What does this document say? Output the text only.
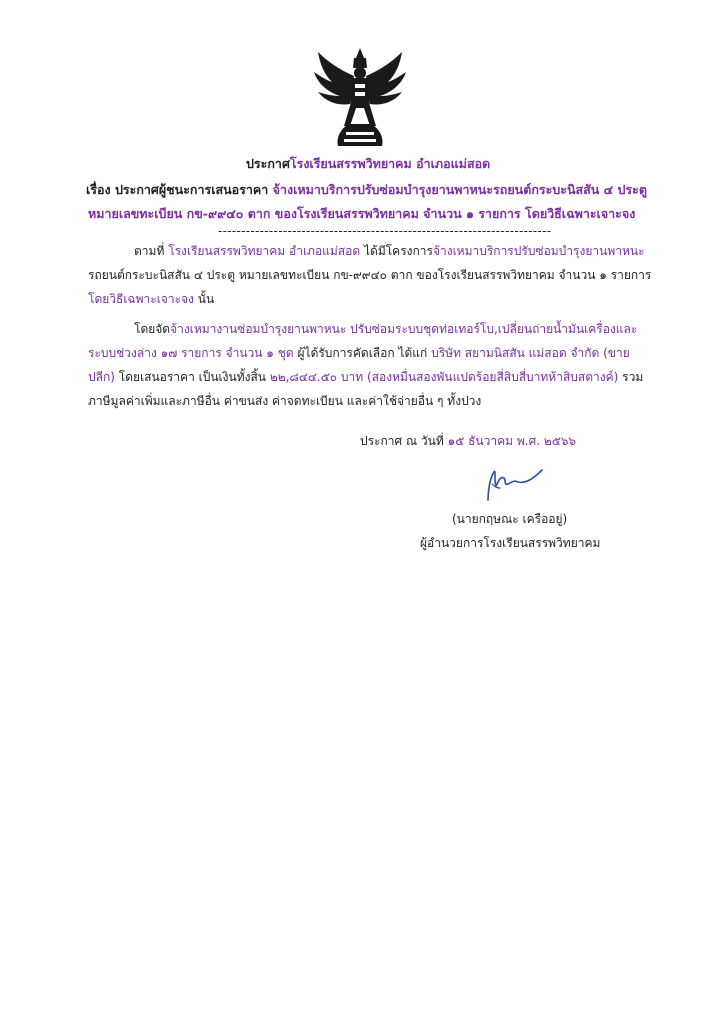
ประกาศโรงเรียนสรรพวิทยาคม อำเภอแม่สอด
เรื่อง ประกาศผู้ชนะการเสนอราคา จ้างเหมาบริการปรับซ่อมบำรุงยานพาหนะรถยนต์กระบะนิสสัน ๔ ประตู
หมายเลขทะเบียน กข-๙๙๔๐ ตาก ของโรงเรียนสรรพวิทยาคม จำนวน ๑ รายการ โดยวิธีเฉพาะเจาะจง
------------------------------------------------------------------------
ตามที่ โรงเรียนสรรพวิทยาคม อำเภอแม่สอด ได้มีโครงการจ้างเหมาบริการปรับซ่อมบำรุงยานพาหนะ
รถยนต์กระบะนิสสัน ๔ ประตู หมายเลขทะเบียน กข-๙๙๔๐ ตาก ของโรงเรียนสรรพวิทยาคม จำนวน ๑ รายการ
โดยวิธีเฉพาะเจาะจง นั้น
โดยจัดจ้างเหมางานซ่อมบำรุงยานพาหนะ ปรับซ่อมระบบชุดท่อเทอร์โบ,เปลี่ยนถ่ายน้ำมันเครื่องและ
ระบบช่วงล่าง ๑๗ รายการ จำนวน ๑ ชุด ผู้ได้รับการคัดเลือก ได้แก่ บริษัท สยามนิสสัน แม่สอด จำกัด (ขาย
ปลีก) โดยเสนอราคา เป็นเงินทั้งสิ้น ๒๒,๘๔๔.๕๐ บาท (สองหมื่นสองพันแปดร้อยสี่สิบสี่บาทห้าสิบสตางค์) รวม
ภาษีมูลค่าเพิ่มและภาษีอื่น ค่าขนส่ง ค่าจดทะเบียน และค่าใช้จ่ายอื่น ๆ ทั้งปวง
ประกาศ ณ วันที่ ๑๕ ธันวาคม พ.ศ. ๒๕๖๖
(นายกฤษณะ เครืออยู่)
ผู้อำนวยการโรงเรียนสรรพวิทยาคม
